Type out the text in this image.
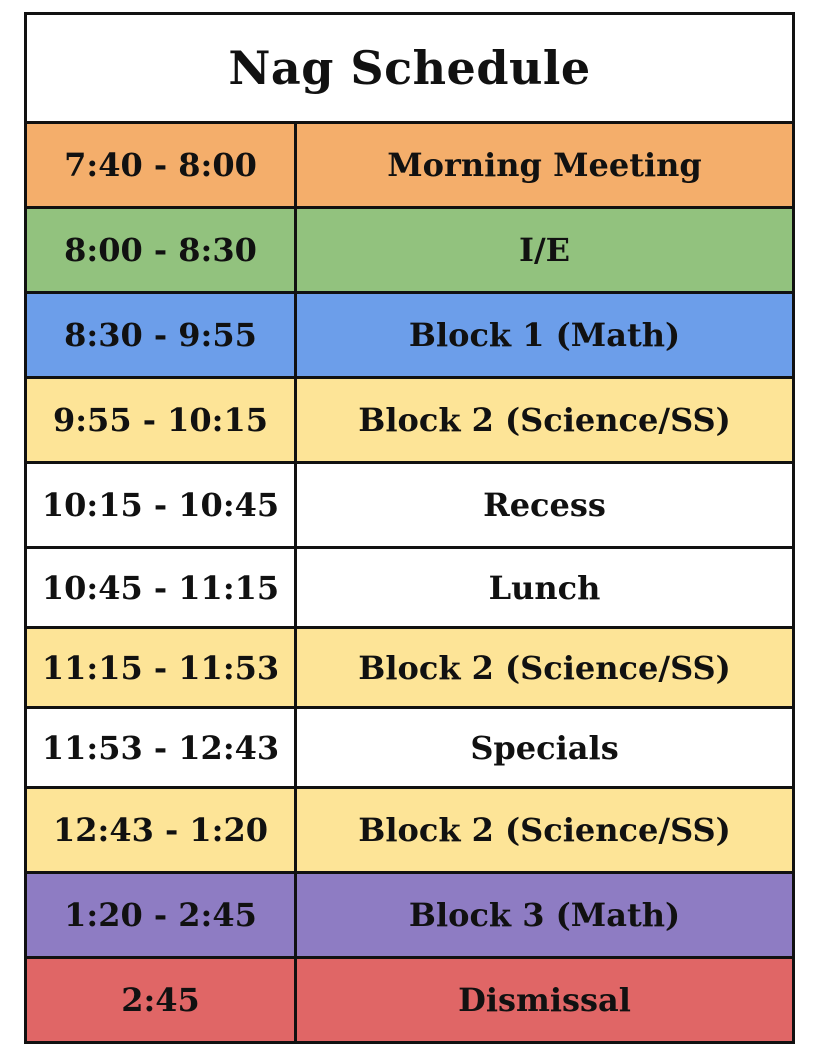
Nag Schedule	
7:40 - 8:00	Morning Meeting
8:00 - 8:30	I/E
8:30 - 9:55	Block 1 (Math)
9:55 - 10:15	Block 2 (Science/SS)
10:15 - 10:45	Recess
10:45 - 11:15	Lunch
11:15 - 11:53	Block 2 (Science/SS)
11:53 - 12:43	Specials
12:43 - 1:20	Block 2 (Science/SS)
1:20 - 2:45	Block 3 (Math)
2:45	Dismissal
